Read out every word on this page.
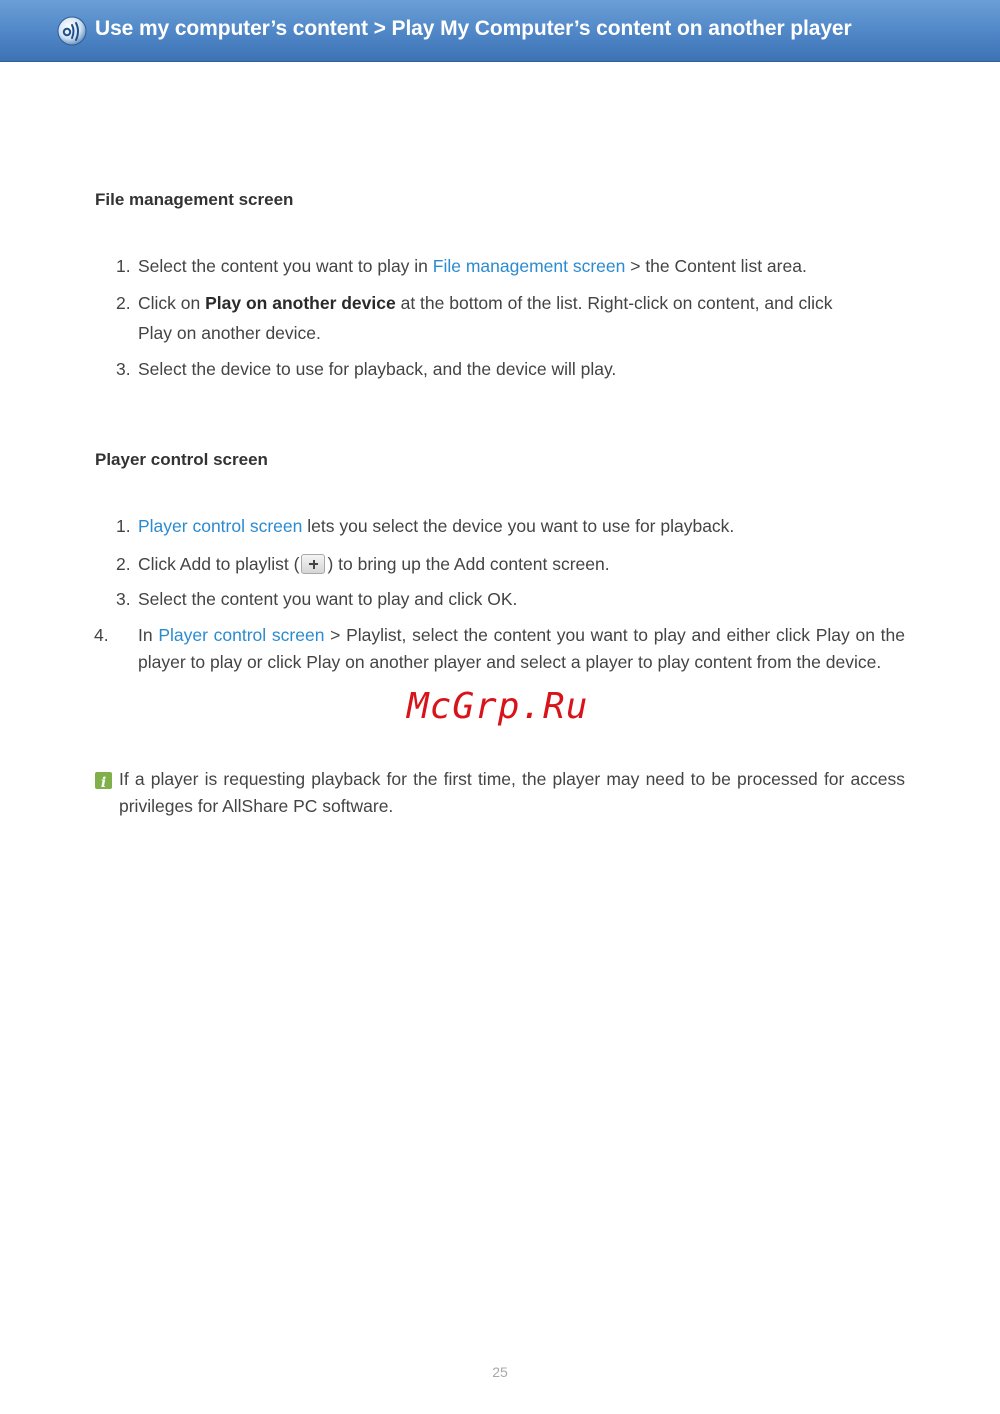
Use my computer’s content > Play My Computer’s content on another player
File management screen
1. Select the content you want to play in File management screen > the Content list area.
2. Click on Play on another device at the bottom of the list. Right-click on content, and click
Play on another device.
3. Select the device to use for playback, and the device will play.
Player control screen
1. Player control screen lets you select the device you want to use for playback.
2. Click Add to playlist ( ) to bring up the Add content screen.
3. Select the content you want to play and click OK.
4. In Player control screen > Playlist, select the content you want to play and either click Play on the player to play or click Play on another player and select a player to play content from the device.
McGrp.Ru
i If a player is requesting playback for the first time, the player may need to be processed for access privileges for AllShare PC software.
25
